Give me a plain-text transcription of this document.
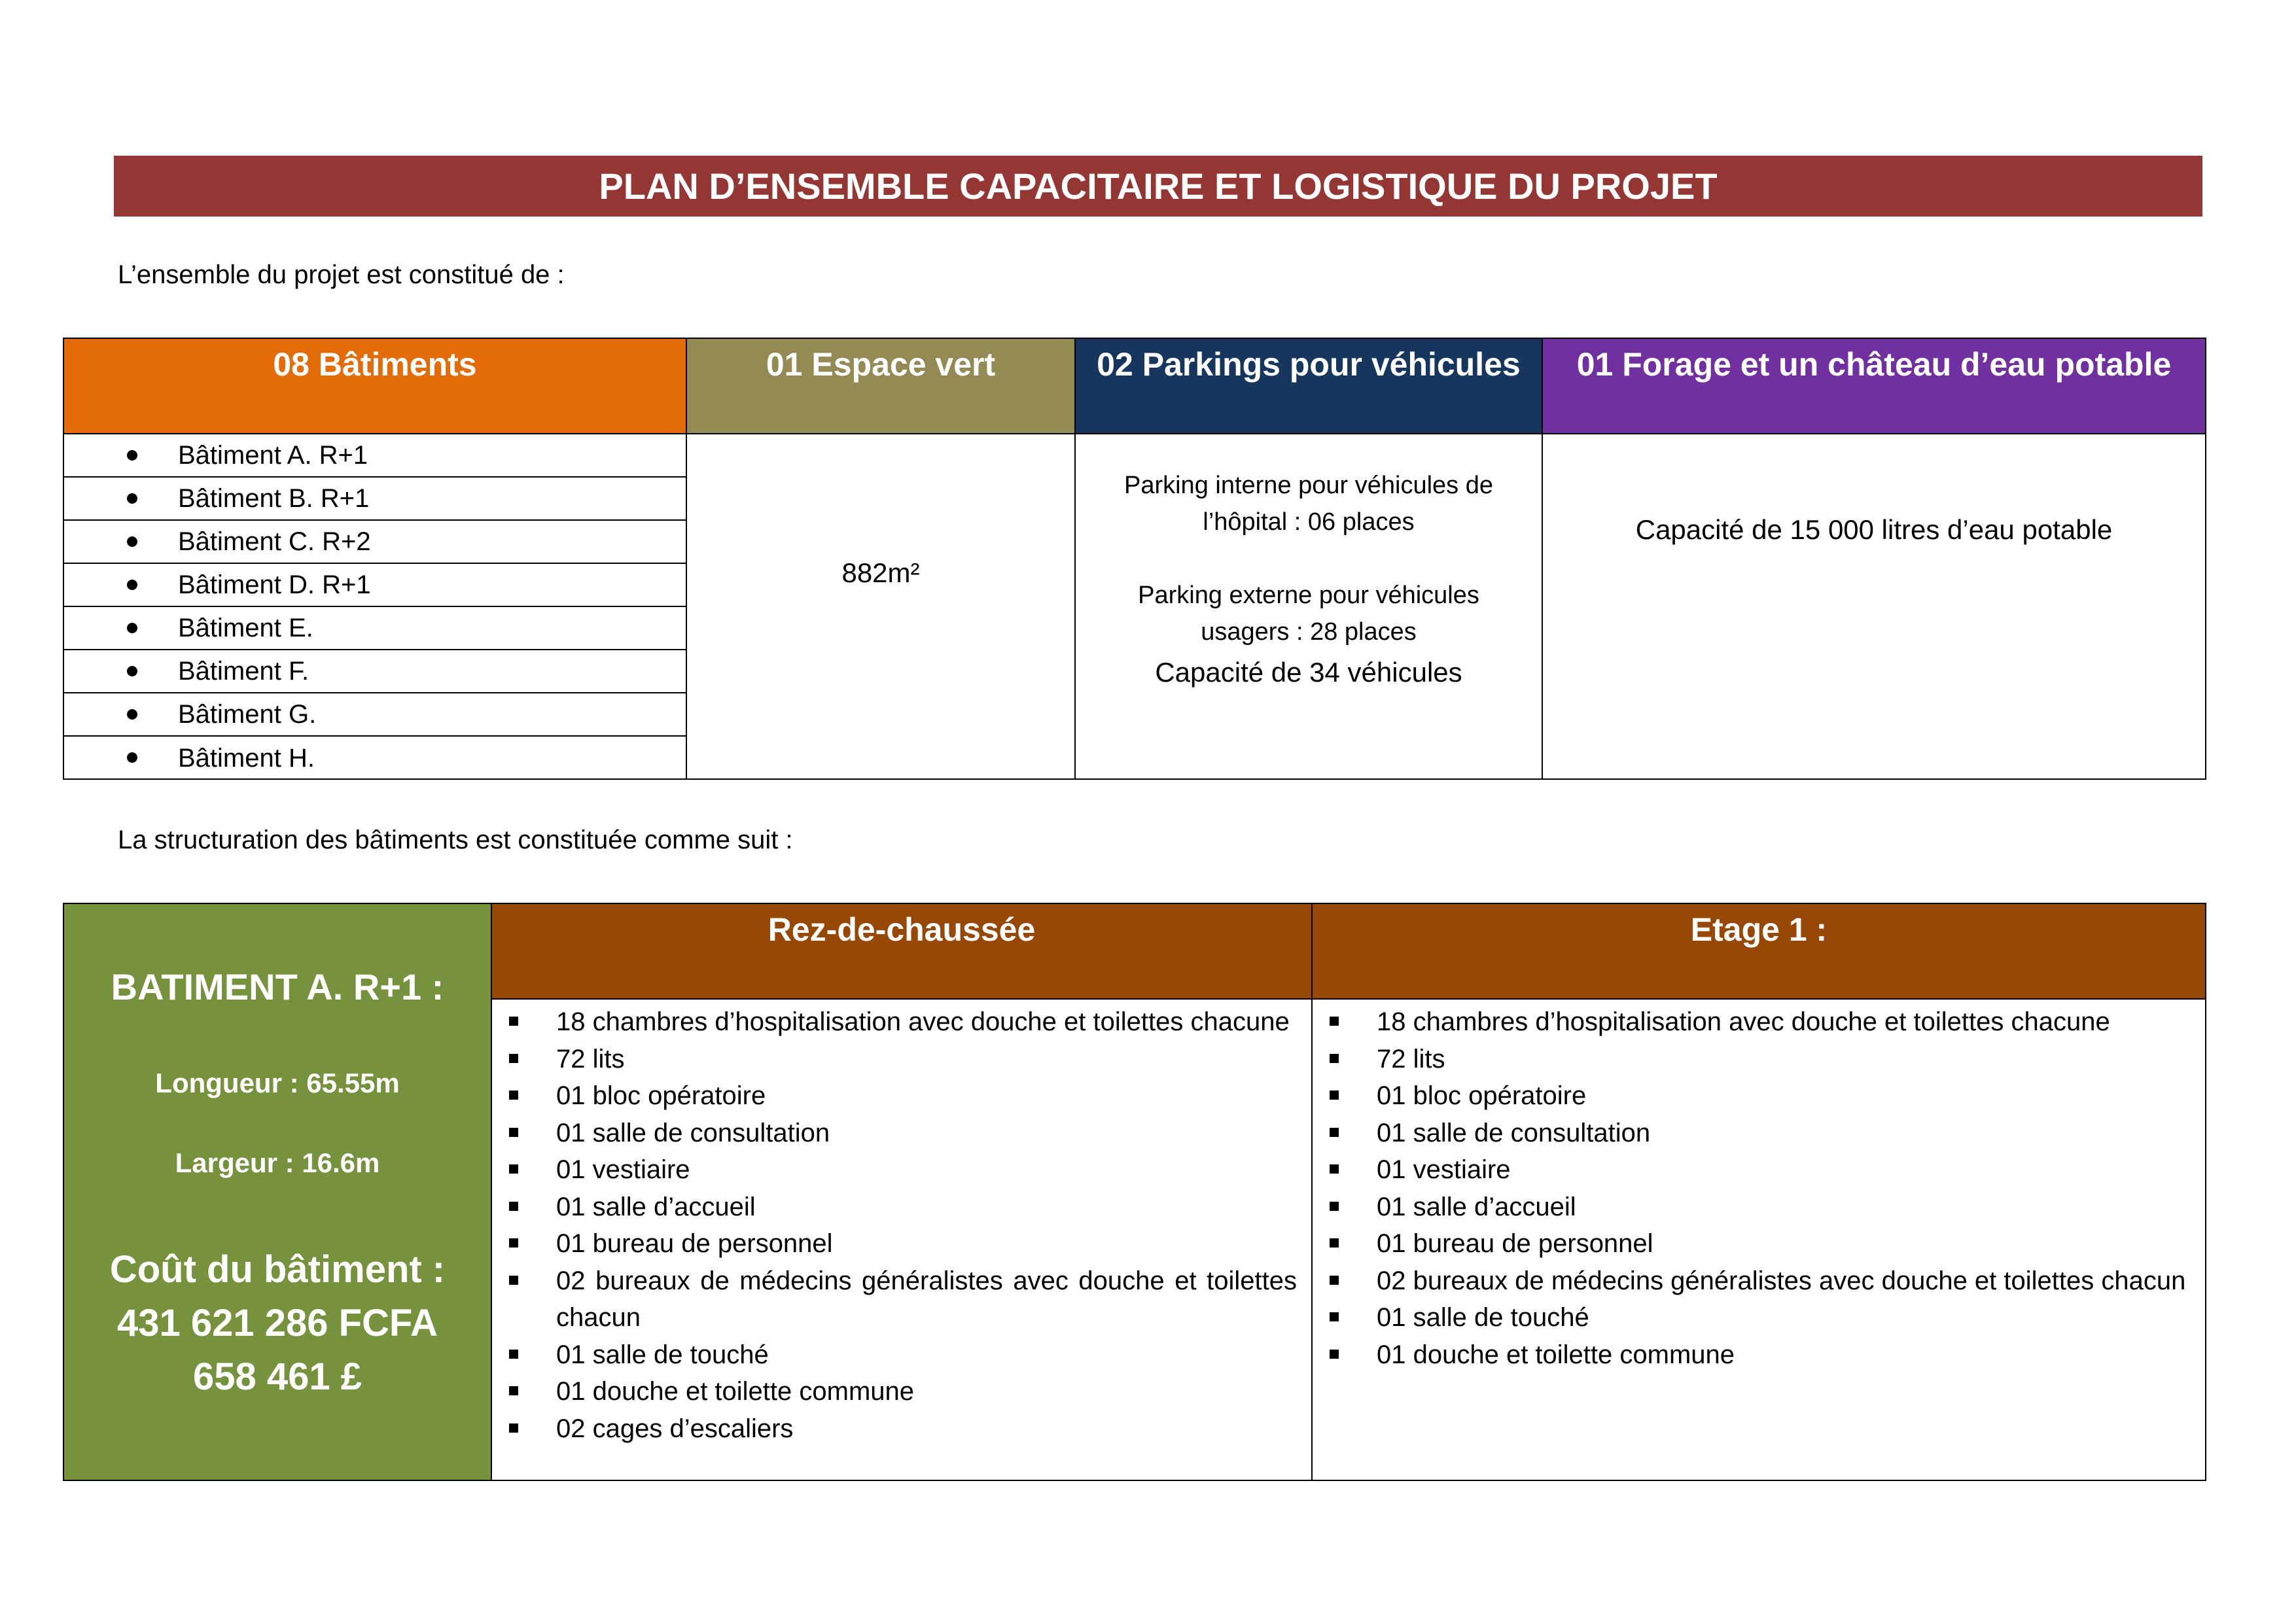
PLAN D’ENSEMBLE CAPACITAIRE ET LOGISTIQUE DU PROJET
L’ensemble du projet est constitué de :
08 Bâtiments
Bâtiment A. R+1
Bâtiment B. R+1
Bâtiment C. R+2
Bâtiment D. R+1
Bâtiment E.
Bâtiment F.
Bâtiment G.
Bâtiment H.
01 Espace vert
882m²
02 Parkings pour véhicules

Parking interne pour véhicules de l’hôpital : 06 places

Parking externe pour véhicules usagers : 28 places

Capacité de 34 véhicules

01 Forage et un château d’eau potable
Capacité de 15 000 litres d’eau potable
La structuration des bâtiments est constituée comme suit :
BATIMENT A. R+1 :
Longueur : 65.55m
Largeur : 16.6m
Coût du bâtiment :
431 621 286 FCFA
658 461 £
Rez-de-chaussée
18 chambres d’hospitalisation avec douche et toilettes chacune
72 lits
01 bloc opératoire
01 salle de consultation
01 vestiaire
01 salle d’accueil
01 bureau de personnel
02 bureaux de médecins généralistes avec douche et toilettes chacun
01 salle de touché
01 douche et toilette commune
02 cages d’escaliers
Etage 1 :
18 chambres d’hospitalisation avec douche et toilettes chacune
72 lits
01 bloc opératoire
01 salle de consultation
01 vestiaire
01 salle d’accueil
01 bureau de personnel
02 bureaux de médecins généralistes avec douche et toilettes chacun
01 salle de touché
01 douche et toilette commune
